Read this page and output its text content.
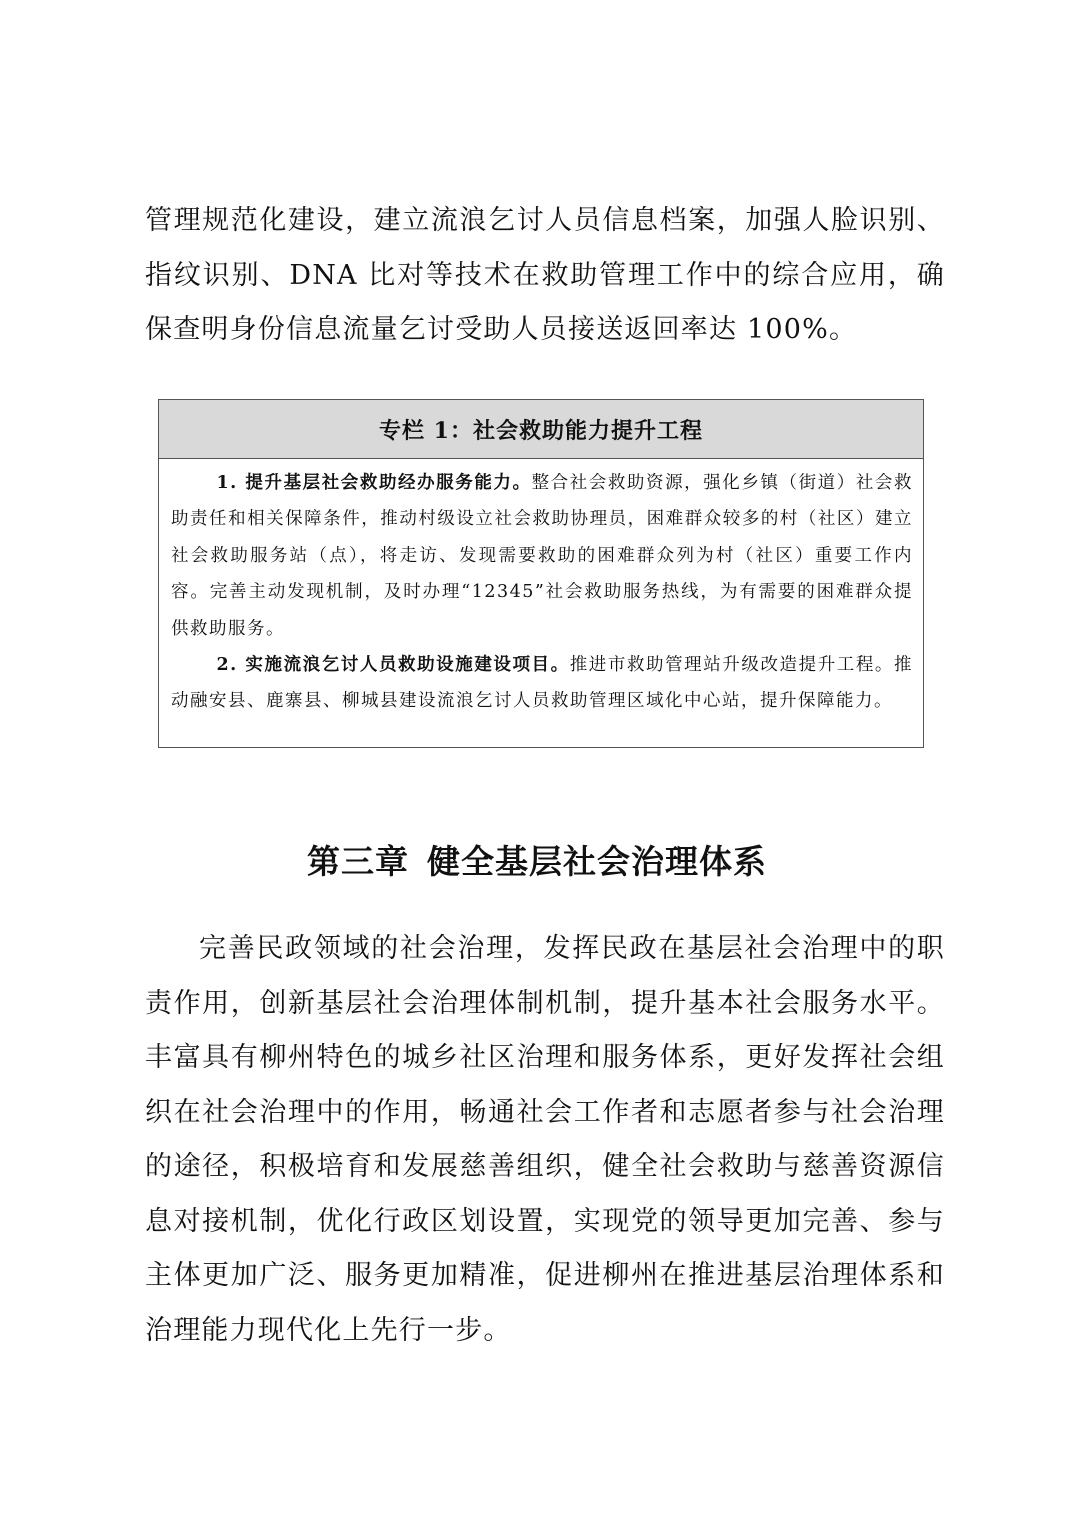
管理规范化建设，建立流浪乞讨人员信息档案，加强人脸识别、指纹识别、DNA 比对等技术在救助管理工作中的综合应用，确保查明身份信息流量乞讨受助人员接送返回率达 100%。

专栏 1：社会救助能力提升工程

1. 提升基层社会救助经办服务能力。整合社会救助资源，强化乡镇（街道）社会救助责任和相关保障条件，推动村级设立社会救助协理员，困难群众较多的村（社区）建立社会救助服务站（点），将走访、发现需要救助的困难群众列为村（社区）重要工作内容。完善主动发现机制，及时办理“12345”社会救助服务热线，为有需要的困难群众提供救助服务。

2. 实施流浪乞讨人员救助设施建设项目。推进市救助管理站升级改造提升工程。推动融安县、鹿寨县、柳城县建设流浪乞讨人员救助管理区域化中心站，提升保障能力。

第三章 健全基层社会治理体系

完善民政领域的社会治理，发挥民政在基层社会治理中的职责作用，创新基层社会治理体制机制，提升基本社会服务水平。丰富具有柳州特色的城乡社区治理和服务体系，更好发挥社会组织在社会治理中的作用，畅通社会工作者和志愿者参与社会治理的途径，积极培育和发展慈善组织，健全社会救助与慈善资源信息对接机制，优化行政区划设置，实现党的领导更加完善、参与主体更加广泛、服务更加精准，促进柳州在推进基层治理体系和治理能力现代化上先行一步。
